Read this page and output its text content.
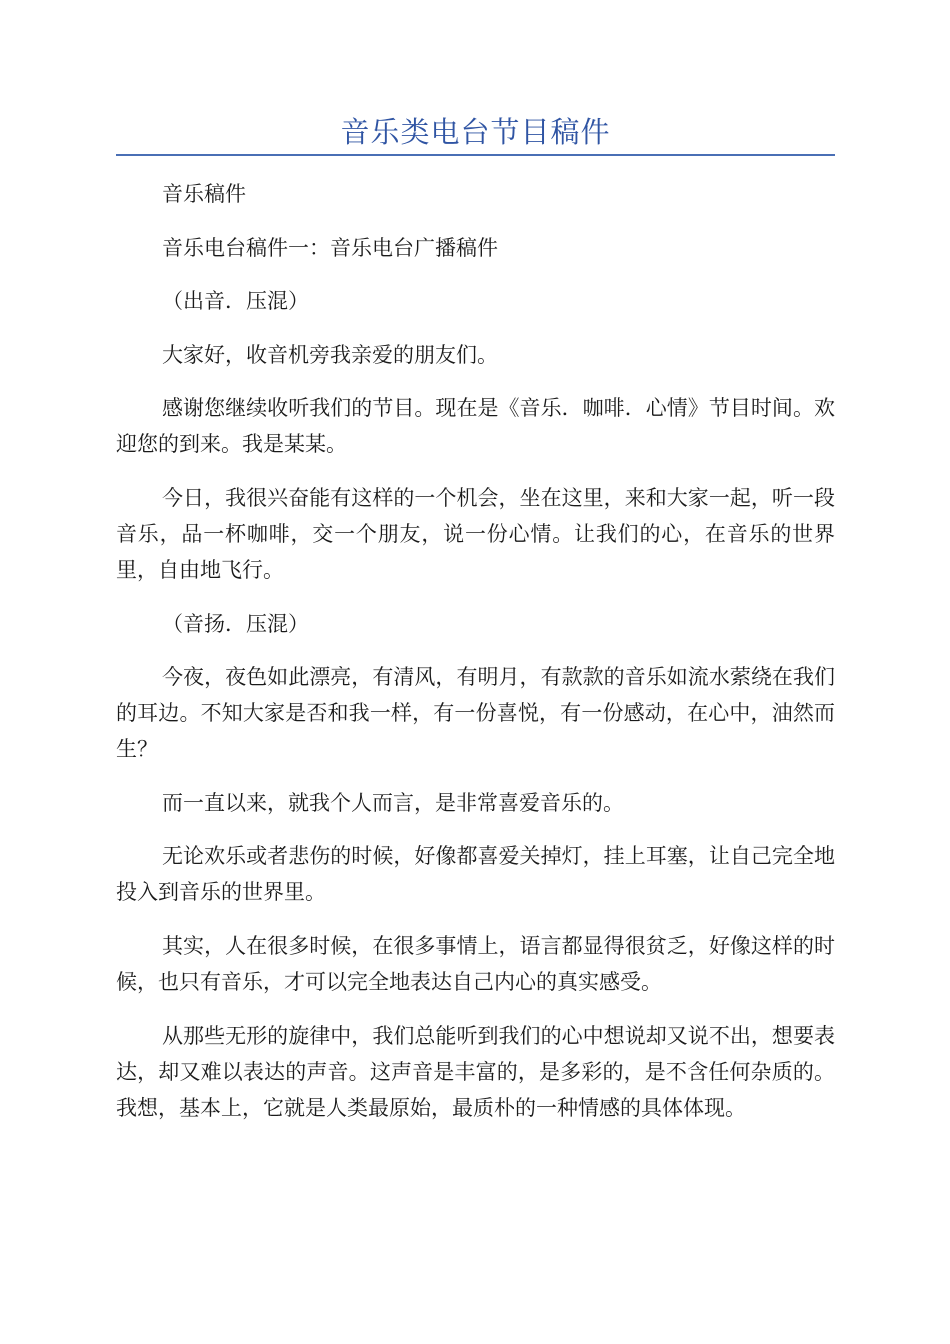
音乐类电台节目稿件

音乐稿件

音乐电台稿件一：音乐电台广播稿件

（出音．压混）

大家好，收音机旁我亲爱的朋友们。

感谢您继续收听我们的节目。现在是《音乐．咖啡．心情》节目时间。欢迎您的到来。我是某某。

今日，我很兴奋能有这样的一个机会，坐在这里，来和大家一起，听一段音乐，品一杯咖啡，交一个朋友，说一份心情。让我们的心，在音乐的世界里，自由地飞行。

（音扬．压混）

今夜，夜色如此漂亮，有清风，有明月，有款款的音乐如流水萦绕在我们的耳边。不知大家是否和我一样，有一份喜悦，有一份感动，在心中，油然而生？

而一直以来，就我个人而言，是非常喜爱音乐的。

无论欢乐或者悲伤的时候，好像都喜爱关掉灯，挂上耳塞，让自己完全地投入到音乐的世界里。

其实，人在很多时候，在很多事情上，语言都显得很贫乏，好像这样的时候，也只有音乐，才可以完全地表达自己内心的真实感受。

从那些无形的旋律中，我们总能听到我们的心中想说却又说不出，想要表达，却又难以表达的声音。这声音是丰富的，是多彩的，是不含任何杂质的。我想，基本上，它就是人类最原始，最质朴的一种情感的具体体现。
